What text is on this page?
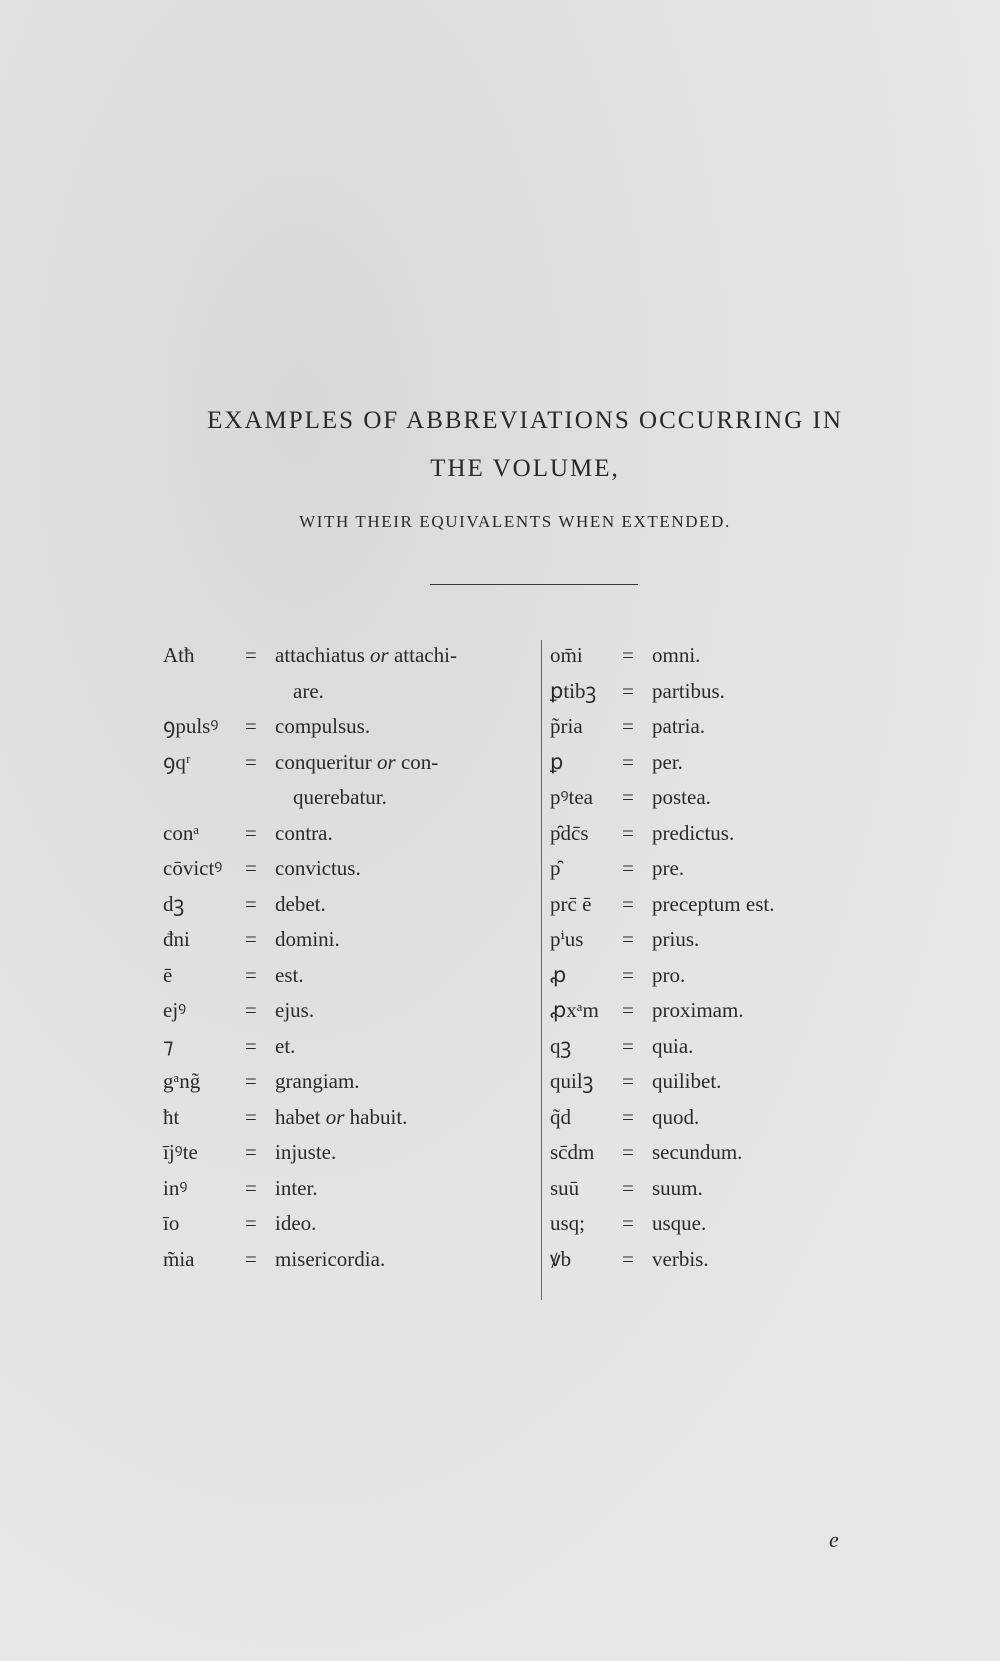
EXAMPLES OF ABBREVIATIONS OCCURRING IN
THE VOLUME,
WITH THEIR EQUIVALENTS WHEN EXTENDED.
Atħ	= attachiatus or attachi-
are.
ꝯpulsꝰ	= compulsus.
ꝯqʳ	= conqueritur or con-
querebatur.
conᵃ	= contra.
cōvictꝰ	= convictus.
dꝫ	= debet.
đni	= domini.
ē	= est.
ejꝰ	= ejus.
⁊	= et.
gᵃng̃	= grangiam.
ħt	= habet or habuit.
ījꝰte	= injuste.
inꝰ	= inter.
īo	= ideo.
m̃ia	= misericordia.
om̄i	= omni.
ꝑtibꝫ	= partibus.
p̃ria	= patria.
ꝑ	= per.
pꝰtea	= postea.
p̑dc̄s	= predictus.
p̑	= pre.
prc̄ ē	= preceptum est.
pⁱus	= prius.
ꝓ	= pro.
ꝓxᵃm	= proximam.
qꝫ	= quia.
quilꝫ	= quilibet.
q̃d	= quod.
sc̄dm	= secundum.
suū	= suum.
usq;	= usque.
ꝟb	= verbis.
e
